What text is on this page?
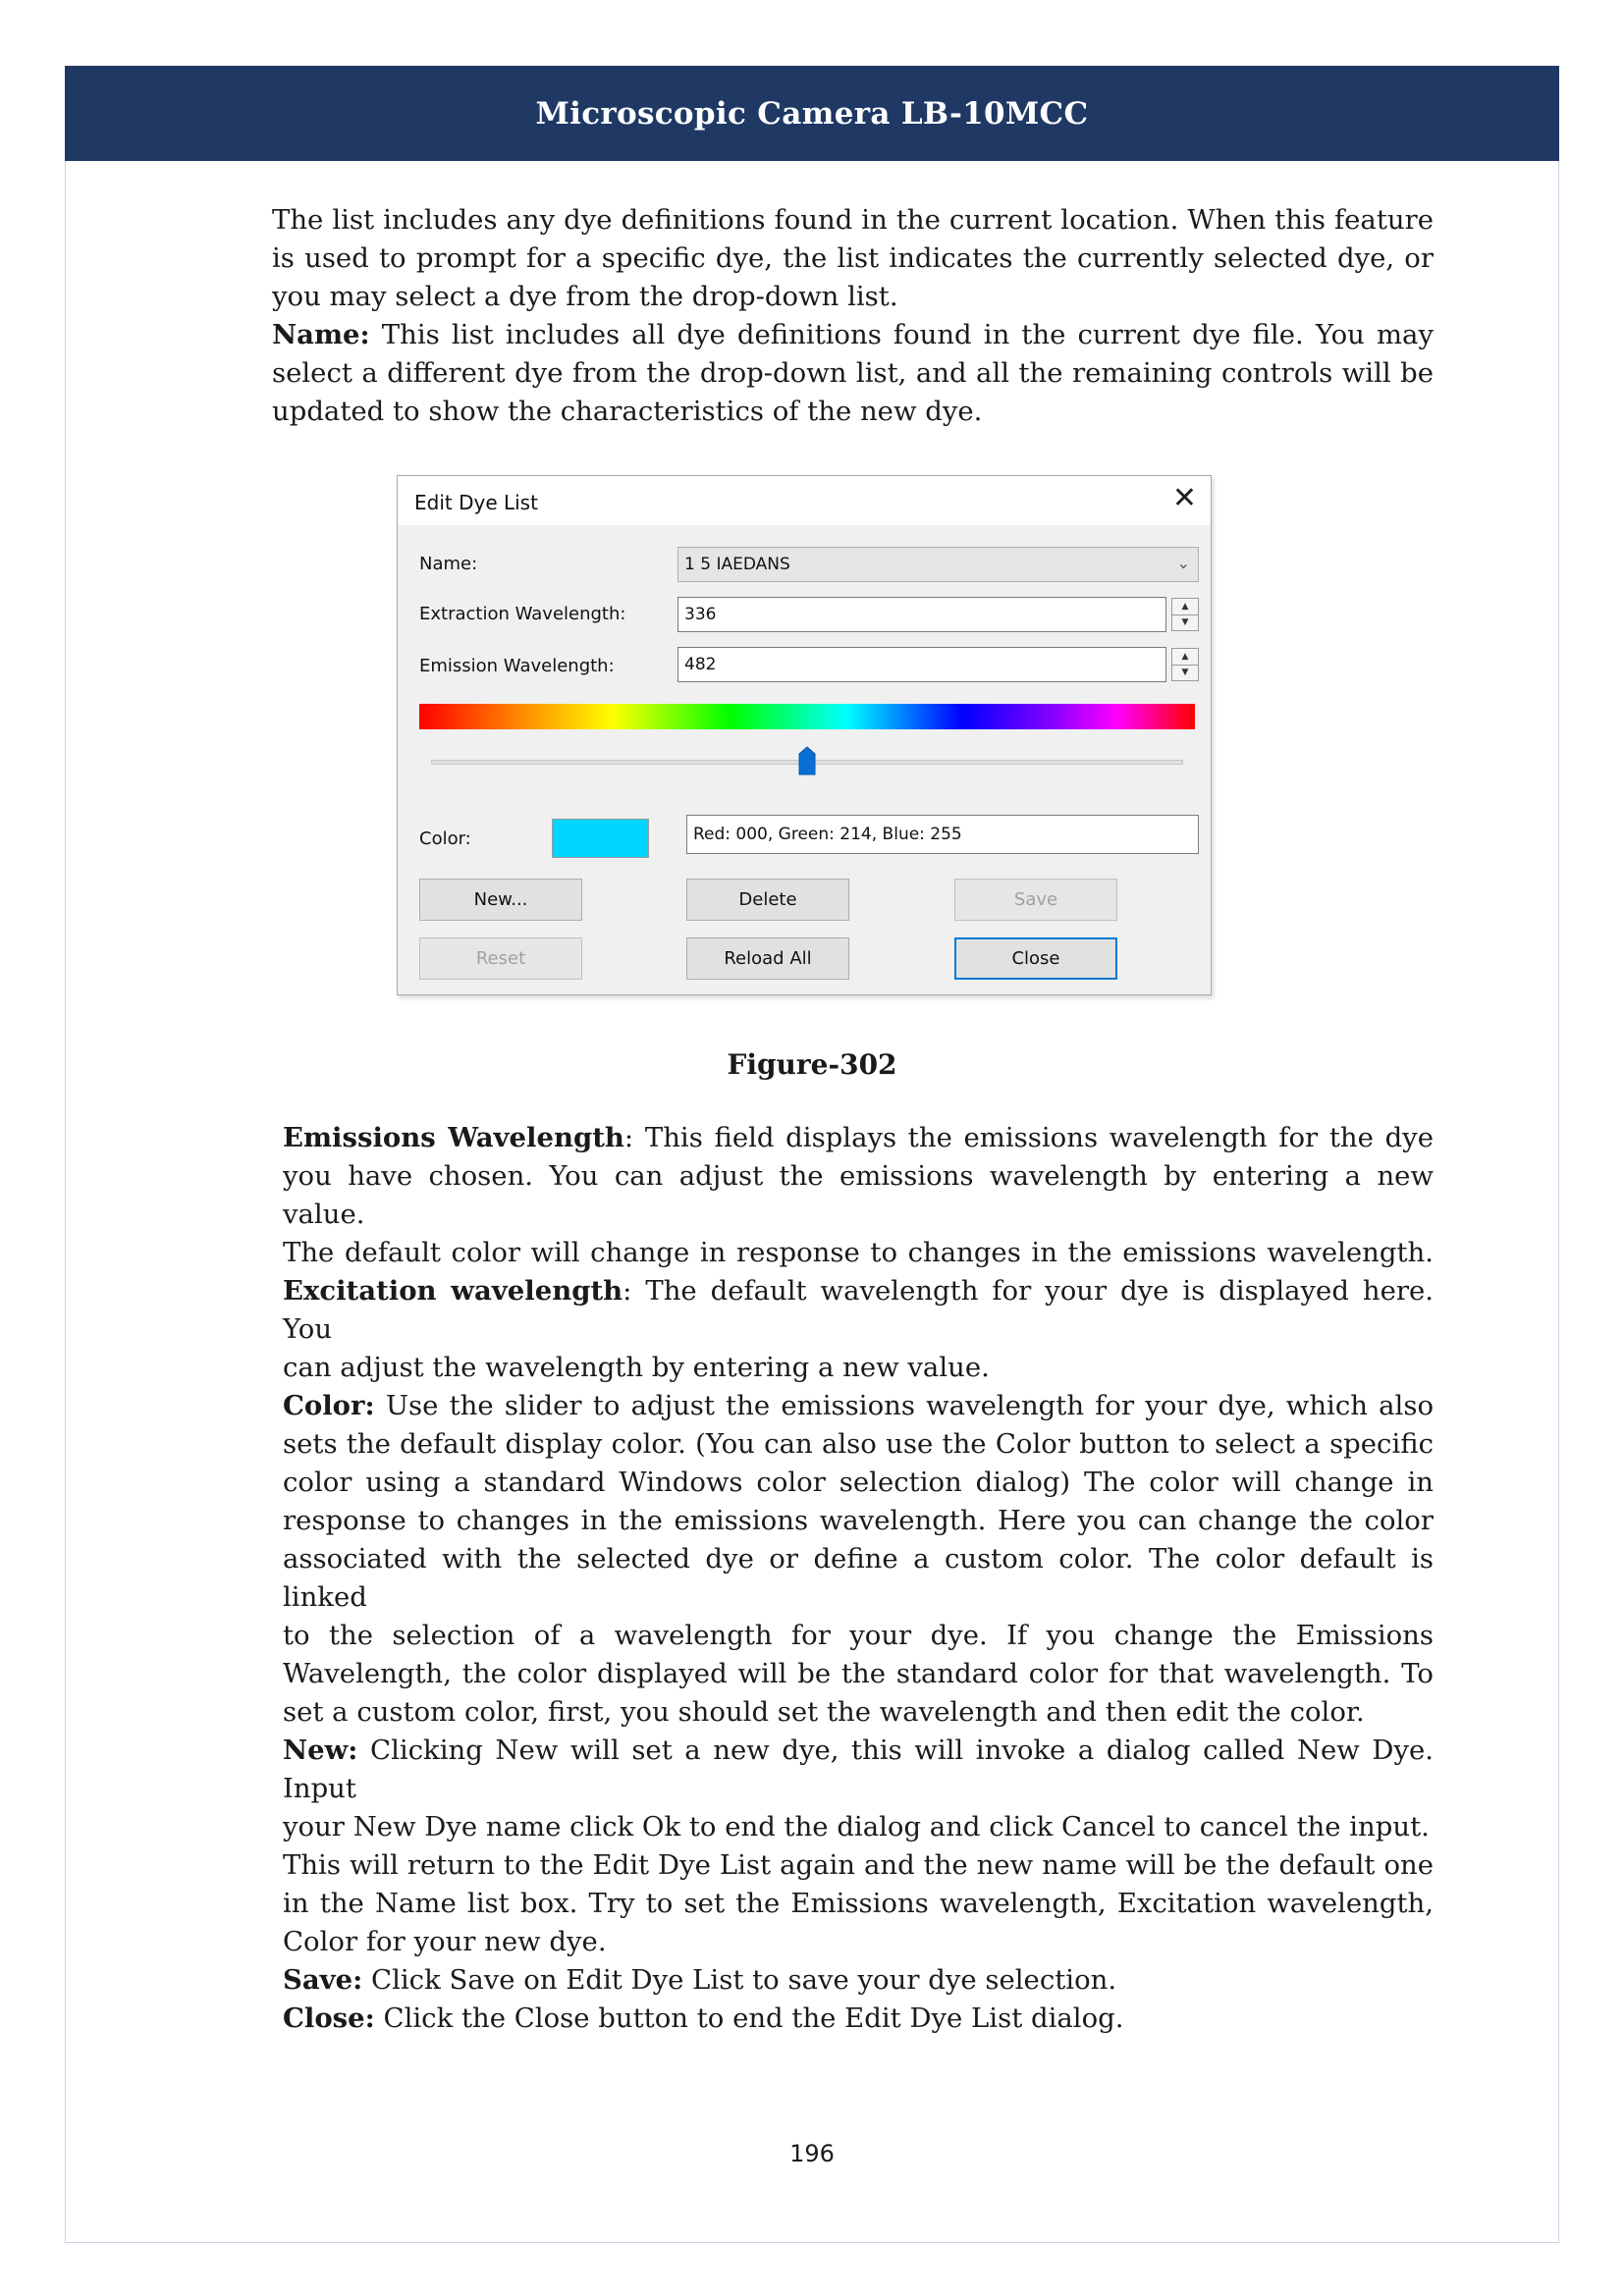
Microscopic Camera LB-10MCC
The list includes any dye definitions found in the current location. When this feature
is used to prompt for a specific dye, the list indicates the currently selected dye, or
you may select a dye from the drop-down list.
Name: This list includes all dye definitions found in the current dye file. You may
select a different dye from the drop-down list, and all the remaining controls will be
updated to show the characteristics of the new dye.
Edit Dye List	✕
Name:	1 5 IAEDANS	⌄
Extraction Wavelength:	336	▲
▼
Emission Wavelength:	482	▲
▼
Color:	Red: 000, Green: 214, Blue: 255
New...	Delete	Save
Reset	Reload All	Close
Figure-302
Emissions Wavelength: This field displays the emissions wavelength for the dye
you have chosen. You can adjust the emissions wavelength by entering a new value.
The default color will change in response to changes in the emissions wavelength.
Excitation wavelength: The default wavelength for your dye is displayed here. You
can adjust the wavelength by entering a new value.
Color: Use the slider to adjust the emissions wavelength for your dye, which also
sets the default display color. (You can also use the Color button to select a specific
color using a standard Windows color selection dialog) The color will change in
response to changes in the emissions wavelength. Here you can change the color
associated with the selected dye or define a custom color. The color default is linked
to the selection of a wavelength for your dye. If you change the Emissions
Wavelength, the color displayed will be the standard color for that wavelength. To
set a custom color, first, you should set the wavelength and then edit the color.
New: Clicking New will set a new dye, this will invoke a dialog called New Dye. Input
your New Dye name click Ok to end the dialog and click Cancel to cancel the input.
This will return to the Edit Dye List again and the new name will be the default one
in the Name list box. Try to set the Emissions wavelength, Excitation wavelength,
Color for your new dye.
Save: Click Save on Edit Dye List to save your dye selection.
Close: Click the Close button to end the Edit Dye List dialog.
196
